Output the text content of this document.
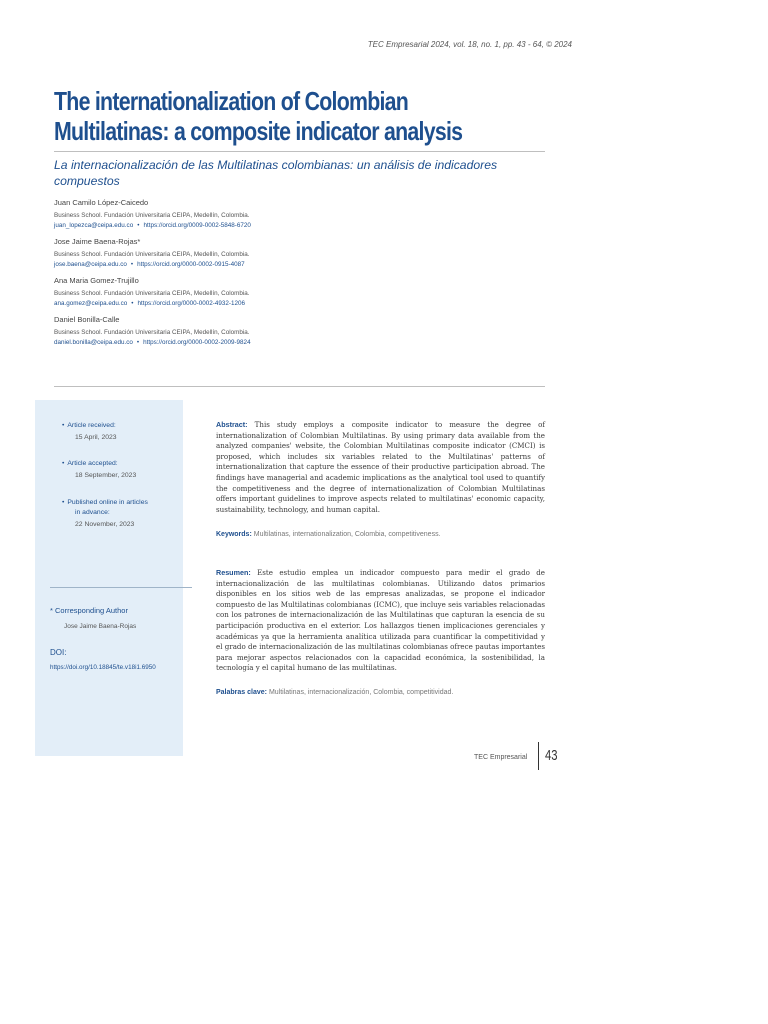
TEC Empresarial 2024, vol. 18, no. 1, pp. 43 - 64, © 2024
The internationalization of Colombian Multilatinas: a composite indicator analysis
La internacionalización de las Multilatinas colombianas: un análisis de indicadores compuestos
Juan Camilo López-Caicedo
Business School. Fundación Universitaria CEIPA, Medellín, Colombia.
juan_lopezca@ceipa.edu.co • https://orcid.org/0009-0002-5848-6720
Jose Jaime Baena-Rojas*
Business School. Fundación Universitaria CEIPA, Medellín, Colombia.
jose.baena@ceipa.edu.co • https://orcid.org/0000-0002-0915-4087
Ana Maria Gomez-Trujillo
Business School. Fundación Universitaria CEIPA, Medellín, Colombia.
ana.gomez@ceipa.edu.co • https://orcid.org/0000-0002-4932-1206
Daniel Bonilla-Calle
Business School. Fundación Universitaria CEIPA, Medellín, Colombia.
daniel.bonilla@ceipa.edu.co • https://orcid.org/0000-0002-2009-9824
• Article received:
15 April, 2023
• Article accepted:
18 September, 2023
• Published online in articles
in advance:
22 November, 2023
* Corresponding Author
Jose Jaime Baena-Rojas
DOI:
https://doi.org/10.18845/te.v18i1.6950

Abstract: This study employs a composite indicator to measure the degree of internationalization of Colombian Multilatinas. By using primary data available from the analyzed companies' website, the Colombian Multilatinas composite indicator (CMCI) is proposed, which includes six variables related to the Multilatinas' patterns of internationalization that capture the essence of their productive participation abroad. The findings have managerial and academic implications as the analytical tool used to quantify the competitiveness and the degree of internationalization of Colombian Multilatinas offers important guidelines to improve aspects related to multilatinas' economic capacity, sustainability, technology, and human capital.

Keywords: Multilatinas, internationalization, Colombia, competitiveness.

Resumen: Este estudio emplea un indicador compuesto para medir el grado de internacionalización de las multilatinas colombianas. Utilizando datos primarios disponibles en los sitios web de las empresas analizadas, se propone el indicador compuesto de las Multilatinas colombianas (ICMC), que incluye seis variables relacionadas con los patrones de internacionalización de las Multilatinas que capturan la esencia de su participación productiva en el exterior. Los hallazgos tienen implicaciones gerenciales y académicas ya que la herramienta analítica utilizada para cuantificar la competitividad y el grado de internacionalización de las multilatinas colombianas ofrece pautas importantes para mejorar aspectos relacionados con la capacidad económica, la sostenibilidad, la tecnología y el capital humano de las multilatinas.

Palabras clave: Multilatinas, internacionalización, Colombia, competitividad.
TEC Empresarial 43
